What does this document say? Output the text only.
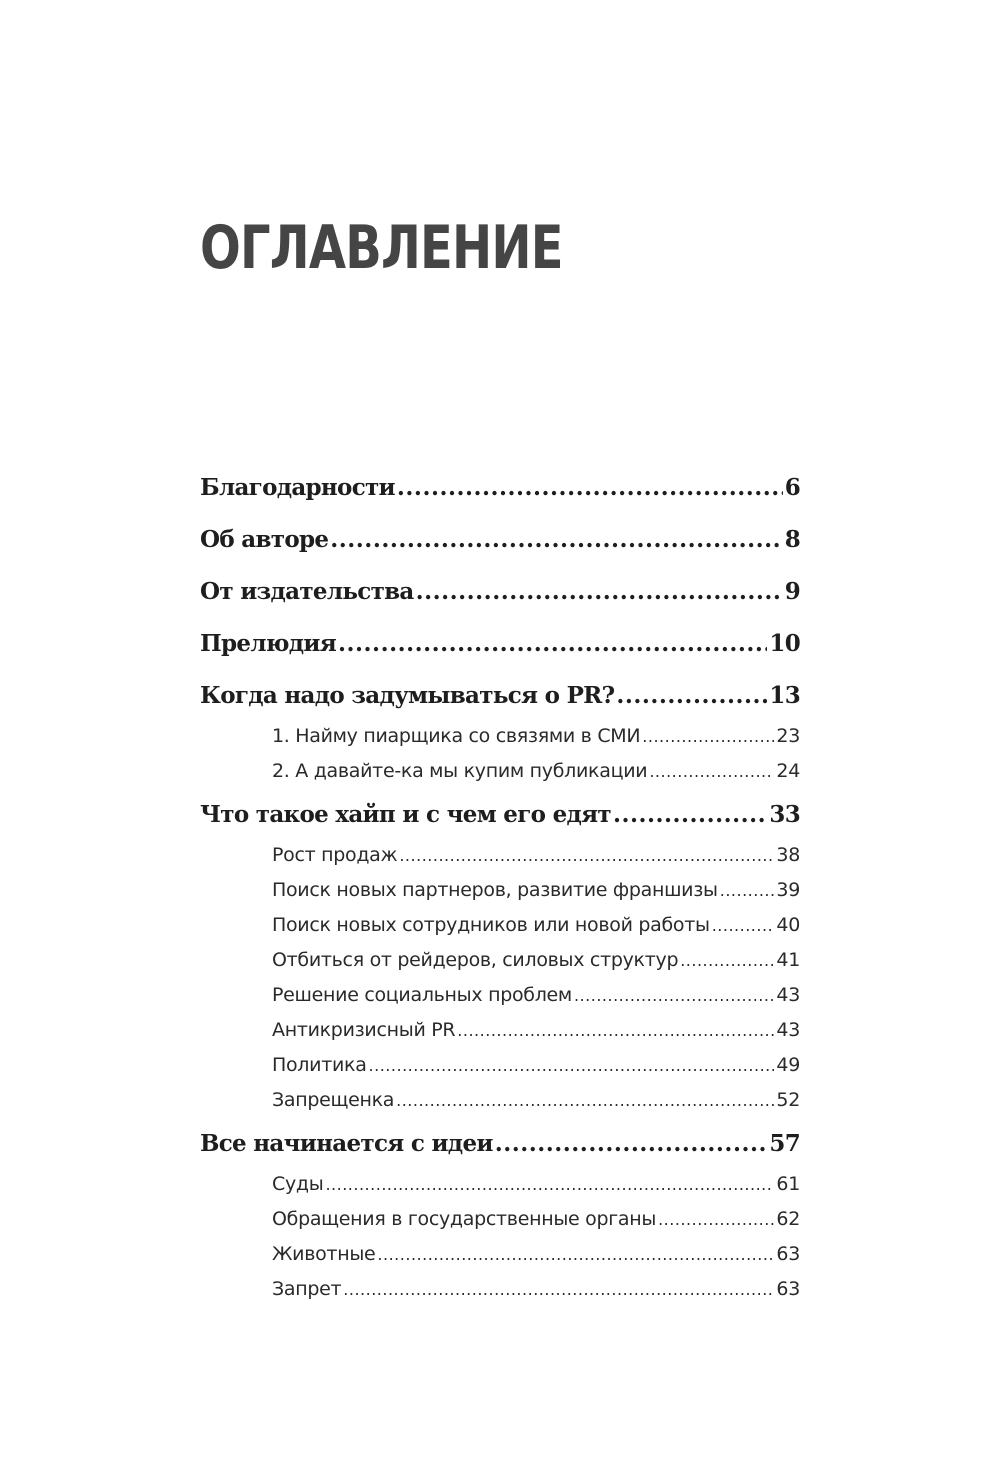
ОГЛАВЛЕНИЕ
Благодарности .....	6
Об авторе .....	8
От издательства .....	9
Прелюдия .....	10
Когда надо задумываться о PR? .....	13
1. Найму пиарщика со связями в СМИ .....	23
2. А давайте-ка мы купим публикации .....	24
Что такое хайп и с чем его едят .....	33
Рост продаж .....	38
Поиск новых партнеров, развитие франшизы .....	39
Поиск новых сотрудников или новой работы .....	40
Отбиться от рейдеров, силовых структур .....	41
Решение социальных проблем .....	43
Антикризисный PR .....	43
Политика .....	49
Запрещенка .....	52
Все начинается с идеи .....	57
Суды .....	61
Обращения в государственные органы .....	62
Животные .....	63
Запрет .....	63
